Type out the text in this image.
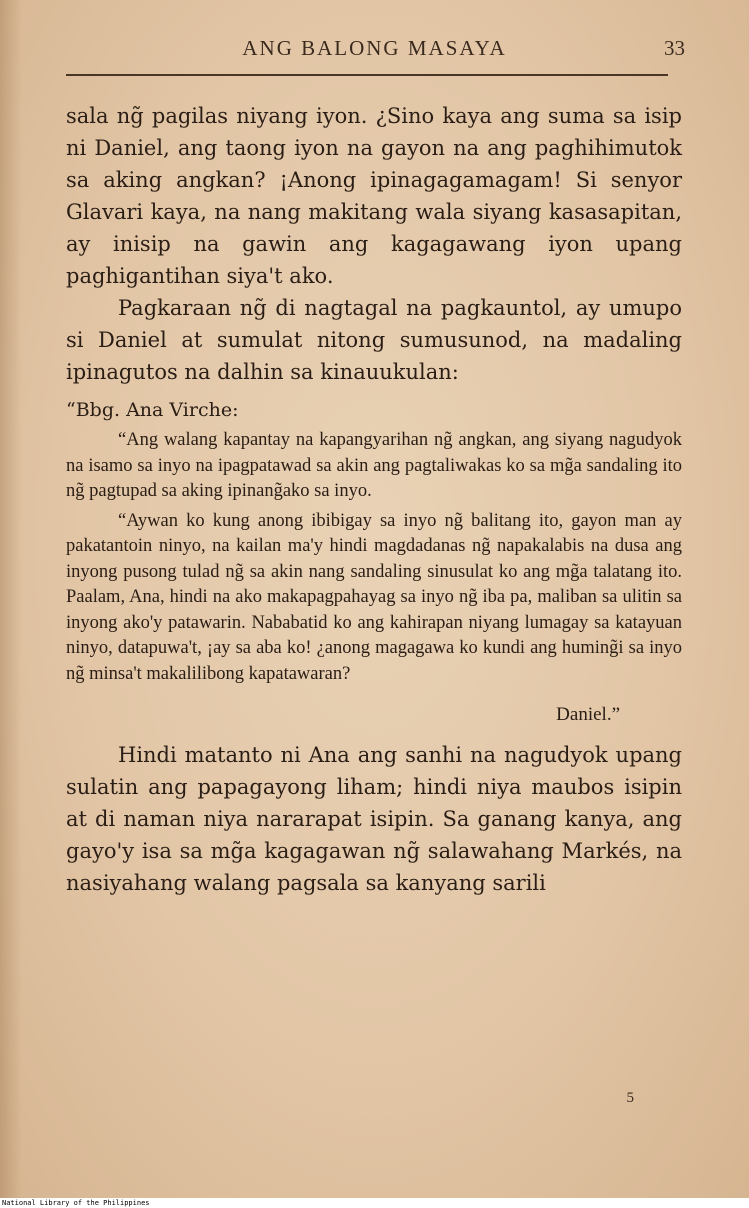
ANG BALONG MASAYA	33

sala ng̃ pagilas niyang iyon. ¿Sino kaya ang suma sa isip ni Daniel, ang taong iyon na gayon na ang paghihimutok sa aking angkan? ¡Anong ipinagagamagam! Si senyor Glavari kaya, na nang makitang wala siyang kasasapitan, ay inisip na gawin ang kagagawang iyon upang paghigantihan siya't ako.

Pagkaraan ng̃ di nagtagal na pagkauntol, ay umupo si Daniel at sumulat nitong sumusunod, na madaling ipinagutos na dalhin sa kinauukulan:

“Bbg. Ana Virche:

“Ang walang kapantay na kapangyarihan ng̃ angkan, ang siyang nagudyok na isamo sa inyo na ipagpatawad sa akin ang pagtaliwakas ko sa mg̃a sandaling ito ng̃ pagtupad sa aking ipinang̃ako sa inyo.

“Aywan ko kung anong ibibigay sa inyo ng̃ balitang ito, gayon man ay pakatantoin ninyo, na kailan ma'y hindi magdadanas ng̃ napakalabis na dusa ang inyong pusong tulad ng̃ sa akin nang sandaling sinusulat ko ang mg̃a talatang ito. Paalam, Ana, hindi na ako makapagpahayag sa inyo ng̃ iba pa, maliban sa ulitin sa inyong ako'y patawarin. Nababatid ko ang kahirapan niyang lumagay sa katayuan ninyo, datapuwa't, ¡ay sa aba ko! ¿anong magagawa ko kundi ang huming̃i sa inyo ng̃ minsa't makalilibong kapatawaran?

Daniel.”

Hindi matanto ni Ana ang sanhi na nagudyok upang sulatin ang papagayong liham; hindi niya maubos isipin at di naman niya nararapat isipin. Sa ganang kanya, ang gayo'y isa sa mg̃a kagagawan ng̃ salawahang Markés, na nasiyahang walang pagsala sa kanyang sarili

5
National Library of the Philippines
